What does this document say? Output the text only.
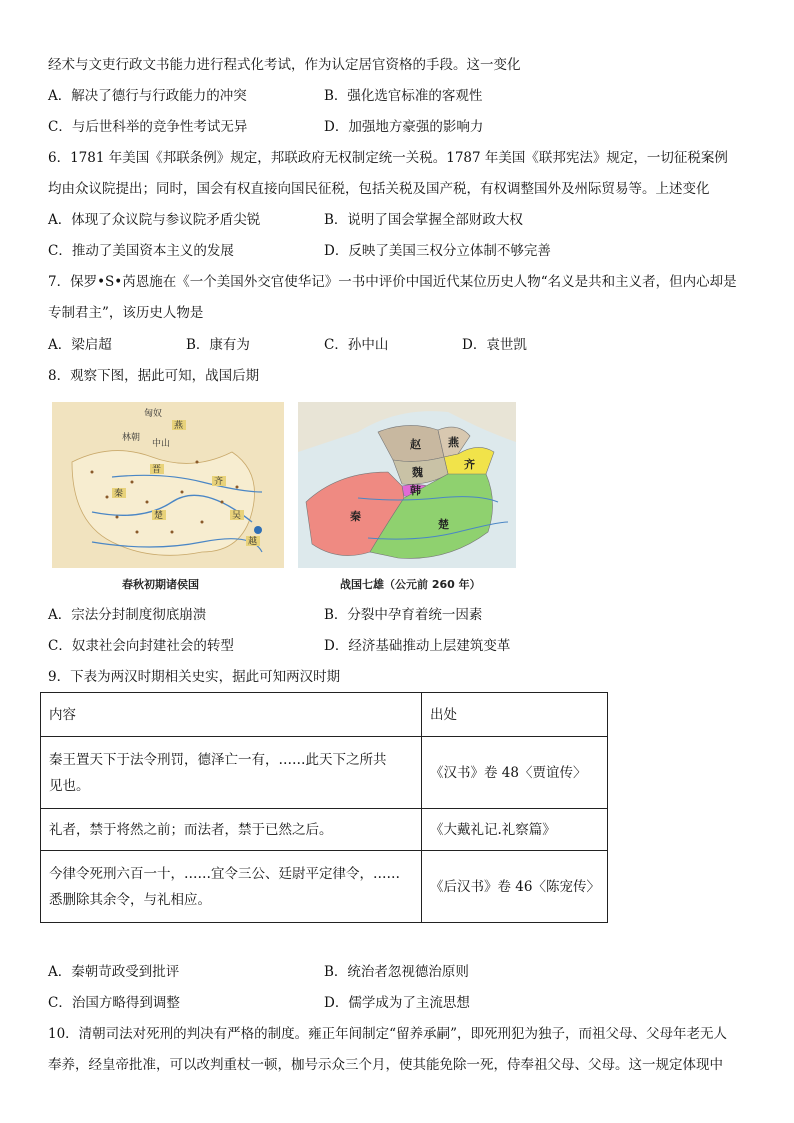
经术与文吏行政文书能力进行程式化考试，作为认定居官资格的手段。这一变化
A．解决了德行与行政能力的冲突	B．强化选官标准的客观性
C．与后世科举的竞争性考试无异	D．加强地方豪强的影响力
6．1781 年美国《邦联条例》规定，邦联政府无权制定统一关税。1787 年美国《联邦宪法》规定，一切征税案例
均由众议院提出；同时，国会有权直接向国民征税，包括关税及国产税，有权调整国外及州际贸易等。上述变化
A．体现了众议院与参议院矛盾尖锐	B．说明了国会掌握全部财政大权
C．推动了美国资本主义的发展	D．反映了美国三权分立体制不够完善
7．保罗•S•芮恩施在《一个美国外交官使华记》一书中评价中国近代某位历史人物“名义是共和主义者，但内心却是
专制君主”，该历史人物是
A．梁启超	B．康有为	C．孙中山	D．袁世凯
8．观察下图，据此可知，战国后期
匈奴
燕
中山
林朝
晋
齐
秦
楚	吴
越
春秋初期诸侯国
赵 燕
齐
魏
韩
秦
楚
战国七雄（公元前 260 年）
A．宗法分封制度彻底崩溃	B．分裂中孕育着统一因素
C．奴隶社会向封建社会的转型	D．经济基础推动上层建筑变革
9．下表为两汉时期相关史实，据此可知两汉时期
内容	出处

秦王置天下于法令刑罚，德泽亡一有，……此天下之所共
见也。	《汉书》卷 48〈贾谊传〉
礼者，禁于将然之前；而法者，禁于已然之后。	《大戴礼记.礼察篇》

今律令死刑六百一十，……宜令三公、廷尉平定律令，……
悉删除其余令，与礼相应。	《后汉书》卷 46〈陈宠传〉
A．秦朝苛政受到批评	B．统治者忽视德治原则
C．治国方略得到调整	D．儒学成为了主流思想
10．清朝司法对死刑的判决有严格的制度。雍正年间制定“留养承嗣”，即死刑犯为独子，而祖父母、父母年老无人
奉养，经皇帝批准，可以改判重杖一顿，枷号示众三个月，使其能免除一死，侍奉祖父母、父母。这一规定体现中
